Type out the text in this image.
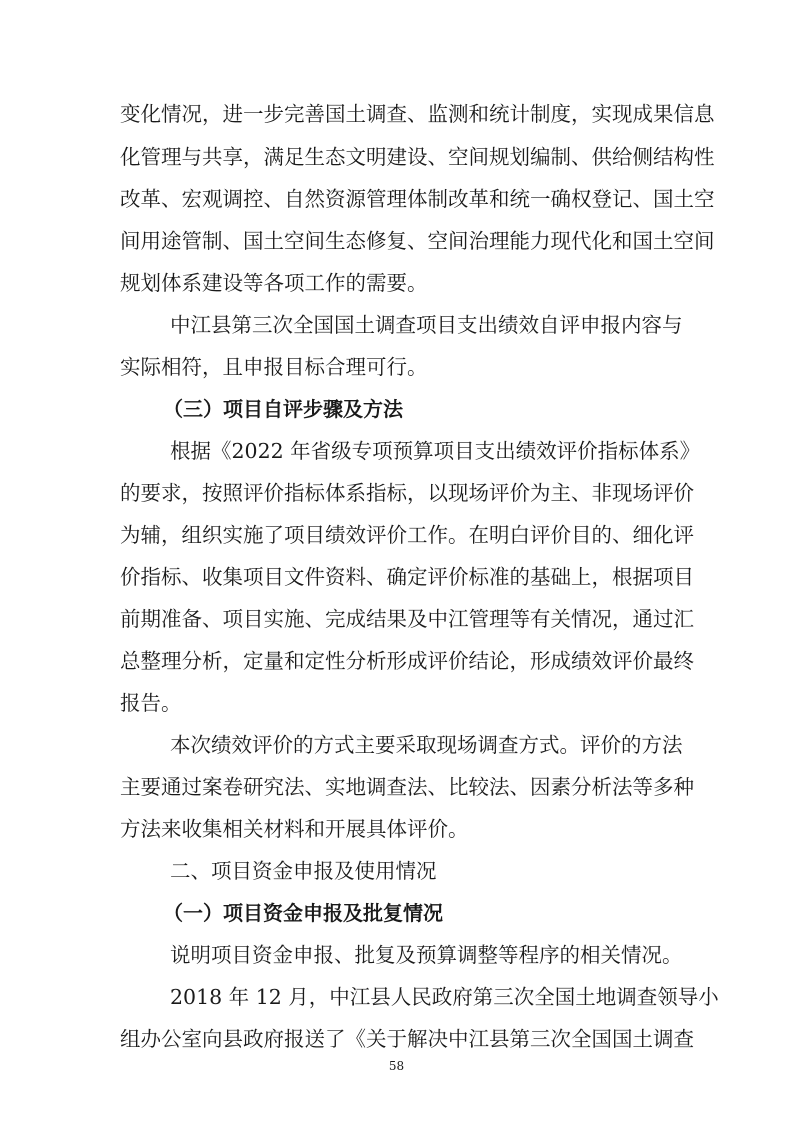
变化情况，进一步完善国土调查、监测和统计制度，实现成果信息
化管理与共享，满足生态文明建设、空间规划编制、供给侧结构性
改革、宏观调控、自然资源管理体制改革和统一确权登记、国土空
间用途管制、国土空间生态修复、空间治理能力现代化和国土空间
规划体系建设等各项工作的需要。
中江县第三次全国国土调查项目支出绩效自评申报内容与
实际相符，且申报目标合理可行。
（三）项目自评步骤及方法
根据《2022 年省级专项预算项目支出绩效评价指标体系》
的要求，按照评价指标体系指标，以现场评价为主、非现场评价
为辅，组织实施了项目绩效评价工作。在明白评价目的、细化评
价指标、收集项目文件资料、确定评价标准的基础上，根据项目
前期准备、项目实施、完成结果及中江管理等有关情况，通过汇
总整理分析，定量和定性分析形成评价结论，形成绩效评价最终
报告。
本次绩效评价的方式主要采取现场调查方式。评价的方法
主要通过案卷研究法、实地调查法、比较法、因素分析法等多种
方法来收集相关材料和开展具体评价。
二、项目资金申报及使用情况
（一）项目资金申报及批复情况
说明项目资金申报、批复及预算调整等程序的相关情况。
2018 年 12 月，中江县人民政府第三次全国土地调查领导小
组办公室向县政府报送了《关于解决中江县第三次全国国土调查
58
